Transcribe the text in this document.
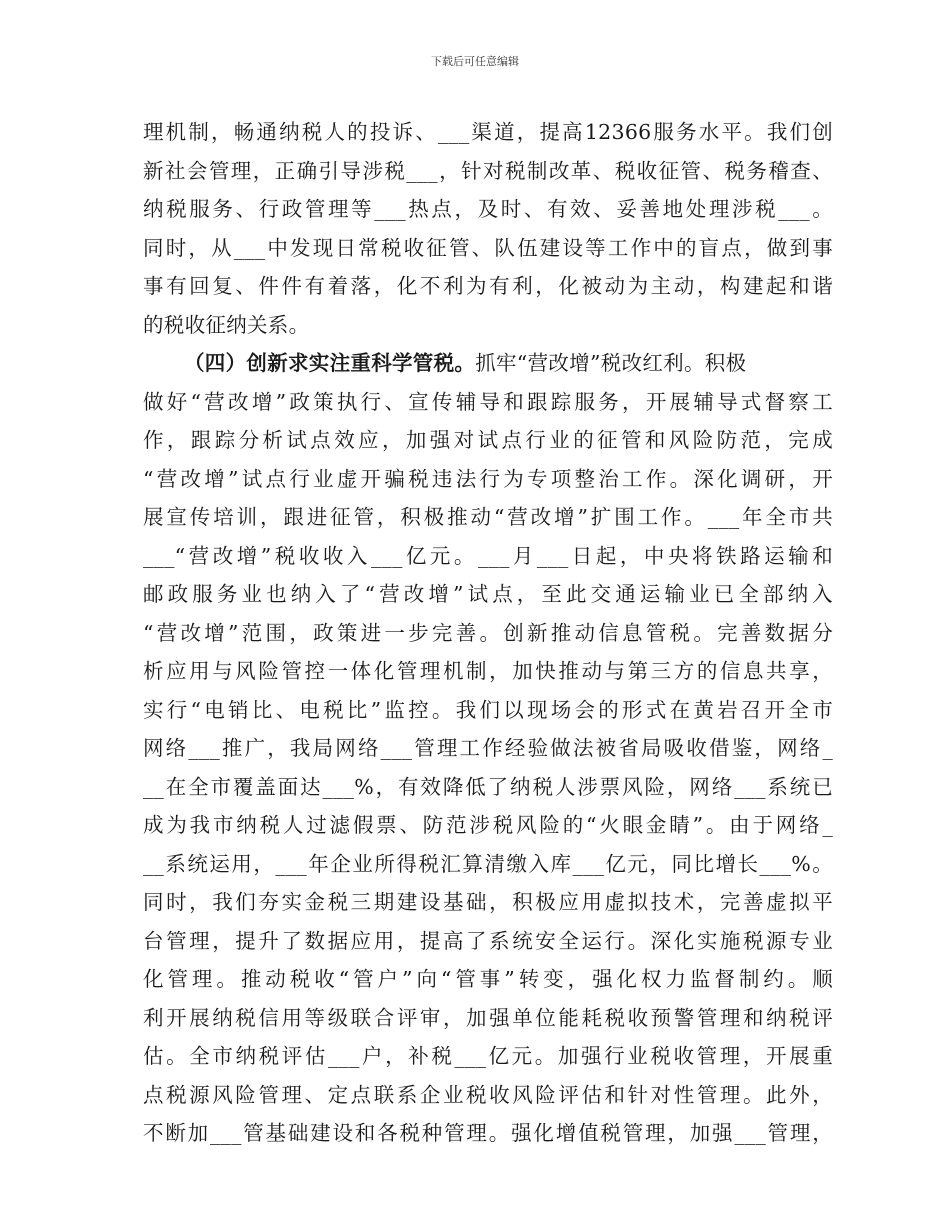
下载后可任意编辑
理机制，畅通纳税人的投诉、___渠道，提高12366服务水平。我们创
新社会管理，正确引导涉税___，针对税制改革、税收征管、税务稽查、
纳税服务、行政管理等___热点，及时、有效、妥善地处理涉税___。
同时，从___中发现日常税收征管、队伍建设等工作中的盲点，做到事
事有回复、件件有着落，化不利为有利，化被动为主动，构建起和谐
的税收征纳关系。
（四）创新求实注重科学管税。抓牢“营改增”税改红利。积极
做好“营改增”政策执行、宣传辅导和跟踪服务，开展辅导式督察工
作，跟踪分析试点效应，加强对试点行业的征管和风险防范，完成
“营改增”试点行业虚开骗税违法行为专项整治工作。深化调研，开
展宣传培训，跟进征管，积极推动“营改增”扩围工作。___年全市共
___“营改增”税收收入___亿元。___月___日起，中央将铁路运输和
邮政服务业也纳入了“营改增”试点，至此交通运输业已全部纳入
“营改增”范围，政策进一步完善。创新推动信息管税。完善数据分
析应用与风险管控一体化管理机制，加快推动与第三方的信息共享，
实行“电销比、电税比”监控。我们以现场会的形式在黄岩召开全市
网络___推广，我局网络___管理工作经验做法被省局吸收借鉴，网络_
__在全市覆盖面达___%，有效降低了纳税人涉票风险，网络___系统已
成为我市纳税人过滤假票、防范涉税风险的“火眼金睛”。由于网络_
__系统运用，___年企业所得税汇算清缴入库___亿元，同比增长___%。
同时，我们夯实金税三期建设基础，积极应用虚拟技术，完善虚拟平
台管理，提升了数据应用，提高了系统安全运行。深化实施税源专业
化管理。推动税收“管户”向“管事”转变，强化权力监督制约。顺
利开展纳税信用等级联合评审，加强单位能耗税收预警管理和纳税评
估。全市纳税评估___户，补税___亿元。加强行业税收管理，开展重
点税源风险管理、定点联系企业税收风险评估和针对性管理。此外，
不断加___管基础建设和各税种管理。强化增值税管理，加强___管理，
